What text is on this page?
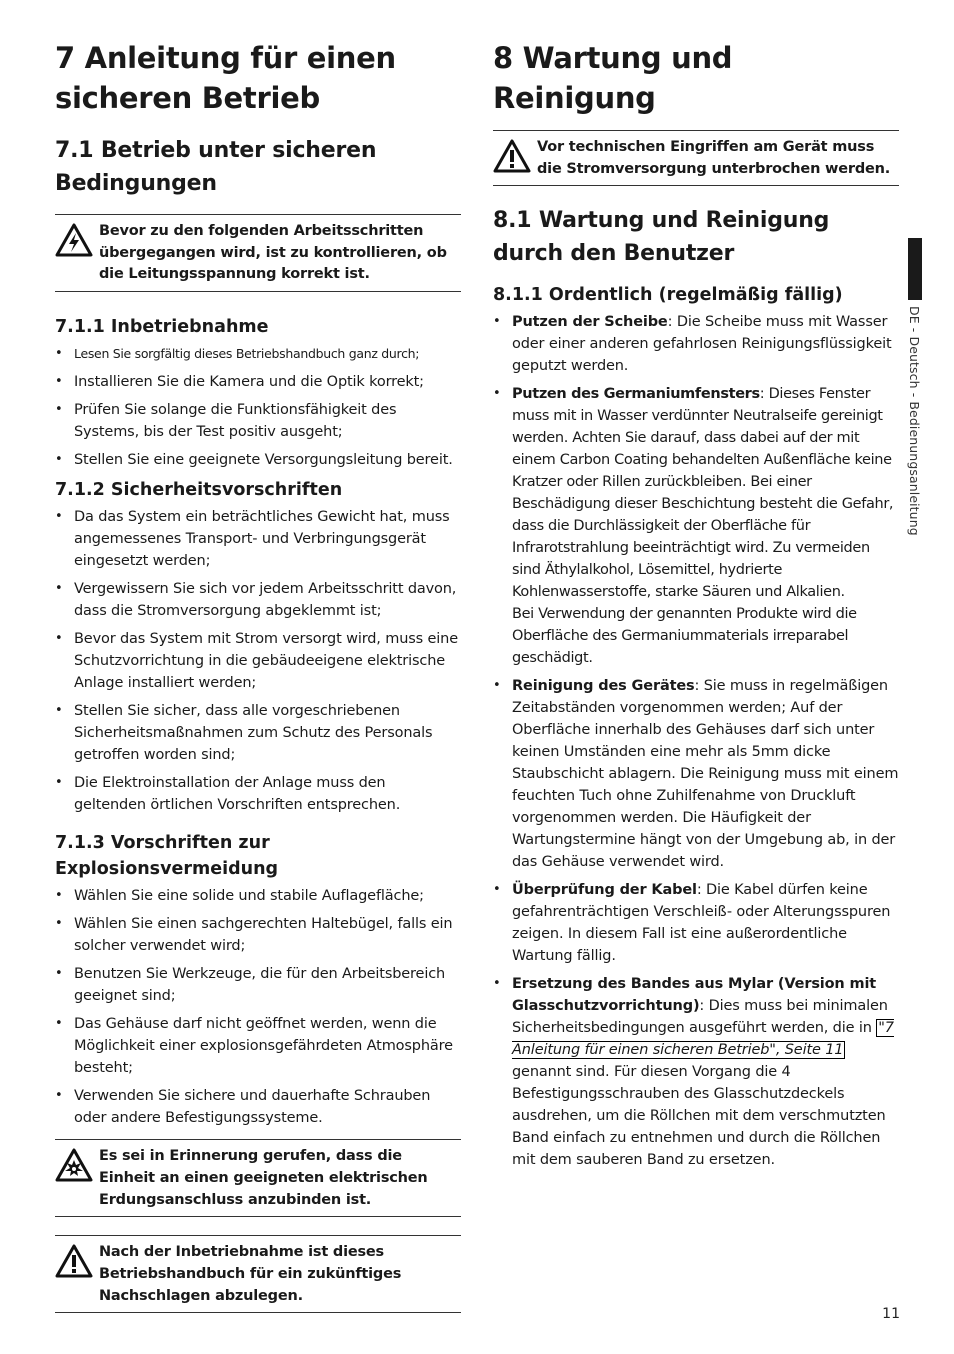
7 Anleitung für einen sicheren Betrieb
7.1 Betrieb unter sicheren Bedingungen
Bevor zu den folgenden Arbeitsschritten übergegangen wird, ist zu kontrollieren, ob die Leitungsspannung korrekt ist.
7.1.1 Inbetriebnahme
• Lesen Sie sorgfältig dieses Betriebshandbuch ganz durch;
• Installieren Sie die Kamera und die Optik korrekt;
• Prüfen Sie solange die Funktionsfähigkeit des Systems, bis der Test positiv ausgeht;
• Stellen Sie eine geeignete Versorgungsleitung bereit.
7.1.2 Sicherheitsvorschriften
• Da das System ein beträchtliches Gewicht hat, muss angemessenes Transport- und Verbringungsgerät eingesetzt werden;
• Vergewissern Sie sich vor jedem Arbeitsschritt davon, dass die Stromversorgung abgeklemmt ist;
• Bevor das System mit Strom versorgt wird, muss eine Schutzvorrichtung in die gebäudeeigene elektrische Anlage installiert werden;
• Stellen Sie sicher, dass alle vorgeschriebenen Sicherheitsmaßnahmen zum Schutz des Personals getroffen worden sind;
• Die Elektroinstallation der Anlage muss den geltenden örtlichen Vorschriften entsprechen.
7.1.3 Vorschriften zur Explosionsvermeidung
• Wählen Sie eine solide und stabile Auflagefläche;
• Wählen Sie einen sachgerechten Haltebügel, falls ein solcher verwendet wird;
• Benutzen Sie Werkzeuge, die für den Arbeitsbereich geeignet sind;
• Das Gehäuse darf nicht geöffnet werden, wenn die Möglichkeit einer explosionsgefährdeten Atmosphäre besteht;
• Verwenden Sie sichere und dauerhafte Schrauben oder andere Befestigungssysteme.
Es sei in Erinnerung gerufen, dass die Einheit an einen geeigneten elektrischen Erdungsanschluss anzubinden ist.
Nach der Inbetriebnahme ist dieses Betriebshandbuch für ein zukünftiges Nachschlagen abzulegen.
8 Wartung und Reinigung
Vor technischen Eingriffen am Gerät muss die Stromversorgung unterbrochen werden.
8.1 Wartung und Reinigung durch den Benutzer
8.1.1 Ordentlich (regelmäßig fällig)
• Putzen der Scheibe: Die Scheibe muss mit Wasser oder einer anderen gefahrlosen Reinigungsflüssigkeit geputzt werden.
• Putzen des Germaniumfensters: Dieses Fenster muss mit in Wasser verdünnter Neutralseife gereinigt werden. Achten Sie darauf, dass dabei auf der mit einem Carbon Coating behandelten Außenfläche keine Kratzer oder Rillen zurückbleiben. Bei einer Beschädigung dieser Beschichtung besteht die Gefahr, dass die Durchlässigkeit der Oberfläche für Infrarotstrahlung beeinträchtigt wird. Zu vermeiden sind Äthylalkohol, Lösemittel, hydrierte Kohlenwasserstoffe, starke Säuren und Alkalien.
Bei Verwendung der genannten Produkte wird die Oberfläche des Germaniummaterials irreparabel geschädigt.
• Reinigung des Gerätes: Sie muss in regelmäßigen Zeitabständen vorgenommen werden; Auf der Oberfläche innerhalb des Gehäuses darf sich unter keinen Umständen eine mehr als 5mm dicke Staubschicht ablagern. Die Reinigung muss mit einem feuchten Tuch ohne Zuhilfenahme von Druckluft vorgenommen werden. Die Häufigkeit der Wartungstermine hängt von der Umgebung ab, in der das Gehäuse verwendet wird.
• Überprüfung der Kabel: Die Kabel dürfen keine gefahrenträchtigen Verschleiß- oder Alterungsspuren zeigen. In diesem Fall ist eine außerordentliche Wartung fällig.
• Ersetzung des Bandes aus Mylar (Version mit Glasschutzvorrichtung): Dies muss bei minimalen Sicherheitsbedingungen ausgeführt werden, die in "7 Anleitung für einen sicheren Betrieb", Seite 11 genannt sind. Für diesen Vorgang die 4 Befestigungsschrauben des Glasschutzdeckels ausdrehen, um die Röllchen mit dem verschmutzten Band einfach zu entnehmen und durch die Röllchen mit dem sauberen Band zu ersetzen.
DE - Deutsch - Bedienungsanleitung
11
